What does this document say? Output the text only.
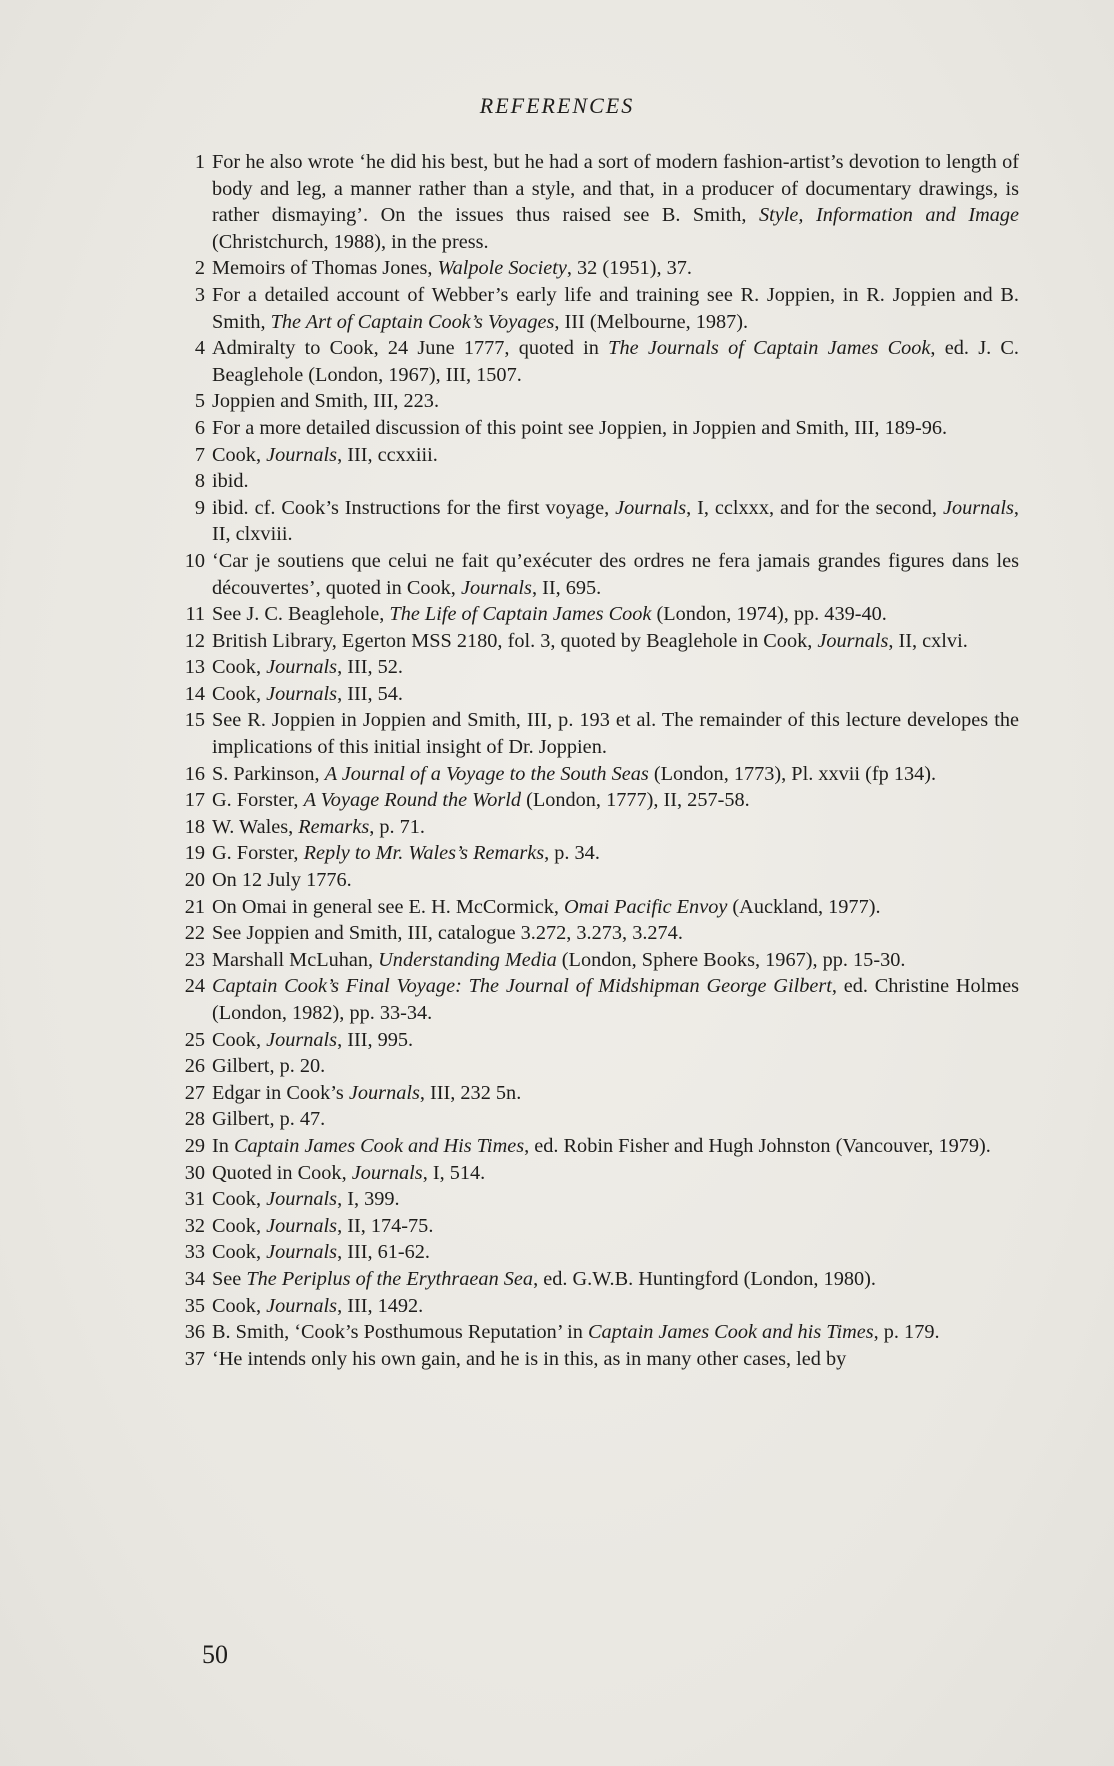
REFERENCES
1 For he also wrote ‘he did his best, but he had a sort of modern fashion-artist’s devotion to length of body and leg, a manner rather than a style, and that, in a producer of documentary drawings, is rather dismaying’. On the issues thus raised see B. Smith, Style, Information and Image (Christchurch, 1988), in the press.
2 Memoirs of Thomas Jones, Walpole Society, 32 (1951), 37.
3 For a detailed account of Webber’s early life and training see R. Joppien, in R. Joppien and B. Smith, The Art of Captain Cook’s Voyages, III (Melbourne, 1987).
4 Admiralty to Cook, 24 June 1777, quoted in The Journals of Captain James Cook, ed. J. C. Beaglehole (London, 1967), III, 1507.
5 Joppien and Smith, III, 223.
6 For a more detailed discussion of this point see Joppien, in Joppien and Smith, III, 189-96.
7 Cook, Journals, III, ccxxiii.
8 ibid.
9 ibid. cf. Cook’s Instructions for the first voyage, Journals, I, cclxxx, and for the second, Journals, II, clxviii.
10 ‘Car je soutiens que celui ne fait qu’exécuter des ordres ne fera jamais grandes figures dans les découvertes’, quoted in Cook, Journals, II, 695.
11 See J. C. Beaglehole, The Life of Captain James Cook (London, 1974), pp. 439-40.
12 British Library, Egerton MSS 2180, fol. 3, quoted by Beaglehole in Cook, Journals, II, cxlvi.
13 Cook, Journals, III, 52.
14 Cook, Journals, III, 54.
15 See R. Joppien in Joppien and Smith, III, p. 193 et al. The remainder of this lecture developes the implications of this initial insight of Dr. Joppien.
16 S. Parkinson, A Journal of a Voyage to the South Seas (London, 1773), Pl. xxvii (fp 134).
17 G. Forster, A Voyage Round the World (London, 1777), II, 257-58.
18 W. Wales, Remarks, p. 71.
19 G. Forster, Reply to Mr. Wales’s Remarks, p. 34.
20 On 12 July 1776.
21 On Omai in general see E. H. McCormick, Omai Pacific Envoy (Auckland, 1977).
22 See Joppien and Smith, III, catalogue 3.272, 3.273, 3.274.
23 Marshall McLuhan, Understanding Media (London, Sphere Books, 1967), pp. 15-30.
24 Captain Cook’s Final Voyage: The Journal of Midshipman George Gilbert, ed. Christine Holmes (London, 1982), pp. 33-34.
25 Cook, Journals, III, 995.
26 Gilbert, p. 20.
27 Edgar in Cook’s Journals, III, 232 5n.
28 Gilbert, p. 47.
29 In Captain James Cook and His Times, ed. Robin Fisher and Hugh Johnston (Vancouver, 1979).
30 Quoted in Cook, Journals, I, 514.
31 Cook, Journals, I, 399.
32 Cook, Journals, II, 174-75.
33 Cook, Journals, III, 61-62.
34 See The Periplus of the Erythraean Sea, ed. G.W.B. Huntingford (London, 1980).
35 Cook, Journals, III, 1492.
36 B. Smith, ‘Cook’s Posthumous Reputation’ in Captain James Cook and his Times, p. 179.
37 ‘He intends only his own gain, and he is in this, as in many other cases, led by
50
